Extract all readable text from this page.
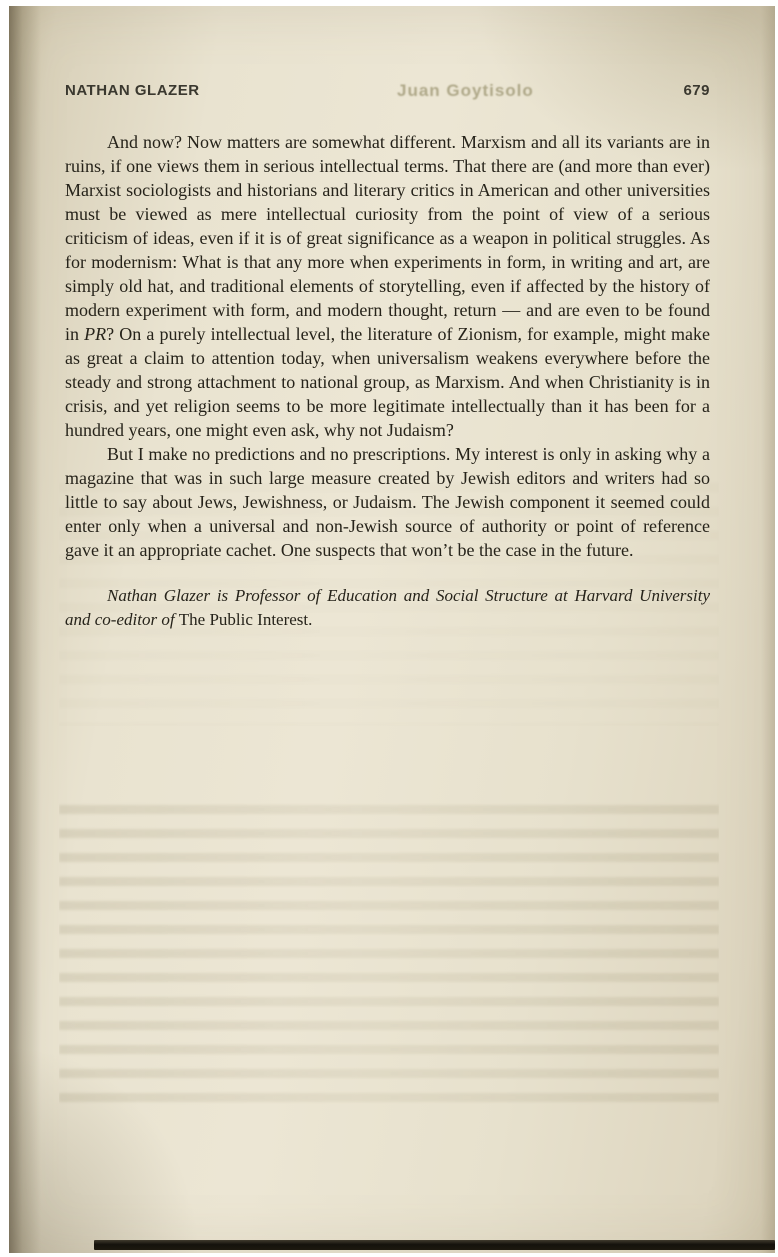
NATHAN GLAZER	Juan Goytisolo	679

And now? Now matters are somewhat different. Marxism and all its variants are in ruins, if one views them in serious intellectual terms. That there are (and more than ever) Marxist sociologists and historians and literary critics in American and other universities must be viewed as mere intellectual curiosity from the point of view of a serious criticism of ideas, even if it is of great significance as a weapon in political struggles. As for modernism: What is that any more when experiments in form, in writing and art, are simply old hat, and traditional elements of storytelling, even if affected by the history of modern experiment with form, and modern thought, return — and are even to be found in PR? On a purely intellectual level, the literature of Zionism, for example, might make as great a claim to attention today, when universalism weakens everywhere before the steady and strong attachment to national group, as Marxism. And when Christianity is in crisis, and yet religion seems to be more legitimate intellectually than it has been for a hundred years, one might even ask, why not Judaism?

But I make no predictions and no prescriptions. My interest is only in asking why a magazine that was in such large measure created by Jewish editors and writers had so little to say about Jews, Jewishness, or Judaism. The Jewish component it seemed could enter only when a universal and non-Jewish source of authority or point of reference gave it an appropriate cachet. One suspects that won’t be the case in the future.

Nathan Glazer is Professor of Education and Social Structure at Harvard University and co-editor of The Public Interest.
